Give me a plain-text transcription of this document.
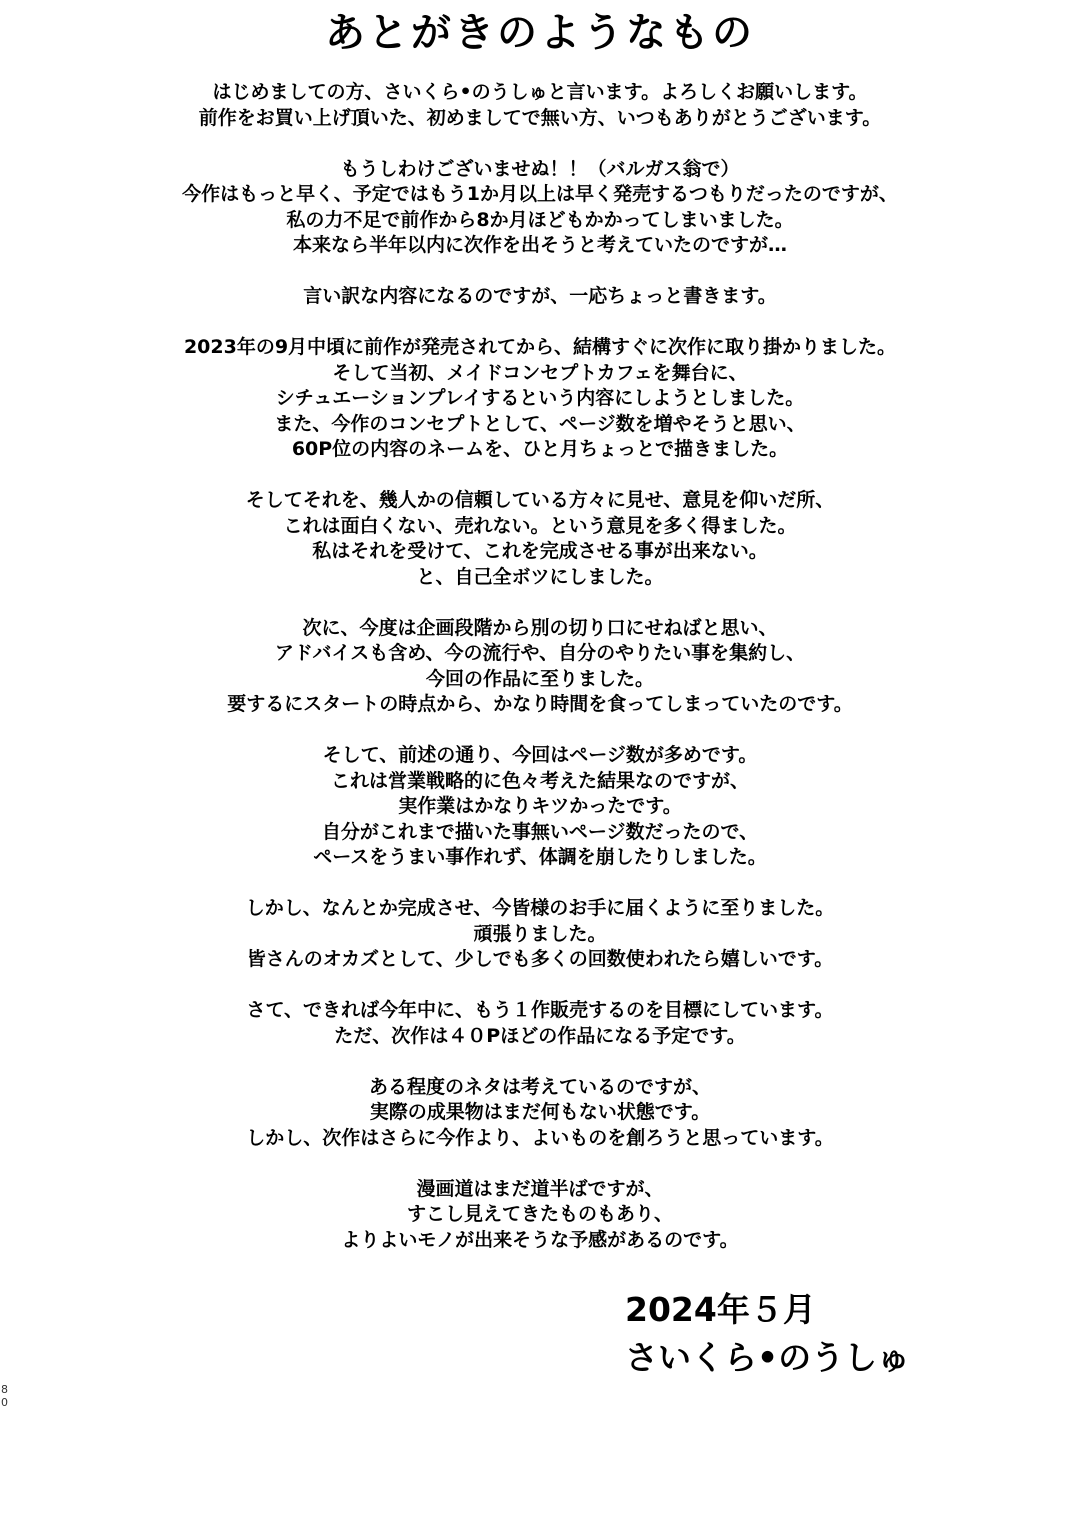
あとがきのようなもの
はじめましての方、さいくら•のうしゅと言います。よろしくお願いします。
前作をお買い上げ頂いた、初めましてで無い方、いつもありがとうございます。
もうしわけございませぬ！！（バルガス翁で）
今作はもっと早く、予定ではもう1か月以上は早く発売するつもりだったのですが、
私の力不足で前作から8か月ほどもかかってしまいました。
本来なら半年以内に次作を出そうと考えていたのですが…
言い訳な内容になるのですが、一応ちょっと書きます。
2023年の9月中頃に前作が発売されてから、結構すぐに次作に取り掛かりました。
そして当初、メイドコンセプトカフェを舞台に、
シチュエーションプレイするという内容にしようとしました。
また、今作のコンセプトとして、ページ数を増やそうと思い、
60P位の内容のネームを、ひと月ちょっとで描きました。
そしてそれを、幾人かの信頼している方々に見せ、意見を仰いだ所、
これは面白くない、売れない。という意見を多く得ました。
私はそれを受けて、これを完成させる事が出来ない。
と、自己全ボツにしました。
次に、今度は企画段階から別の切り口にせねばと思い、
アドバイスも含め、今の流行や、自分のやりたい事を集約し、
今回の作品に至りました。
要するにスタートの時点から、かなり時間を食ってしまっていたのです。
そして、前述の通り、今回はページ数が多めです。
これは営業戦略的に色々考えた結果なのですが、
実作業はかなりキツかったです。
自分がこれまで描いた事無いページ数だったので、
ペースをうまい事作れず、体調を崩したりしました。
しかし、なんとか完成させ、今皆様のお手に届くように至りました。
頑張りました。
皆さんのオカズとして、少しでも多くの回数使われたら嬉しいです。
さて、できれば今年中に、もう１作販売するのを目標にしています。
ただ、次作は４０Pほどの作品になる予定です。
ある程度のネタは考えているのですが、
実際の成果物はまだ何もない状態です。
しかし、次作はさらに今作より、よいものを創ろうと思っています。
漫画道はまだ道半ばですが、
すこし見えてきたものもあり、
よりよいモノが出来そうな予感があるのです。
2024年５月
さいくら•のうしゅ
80
